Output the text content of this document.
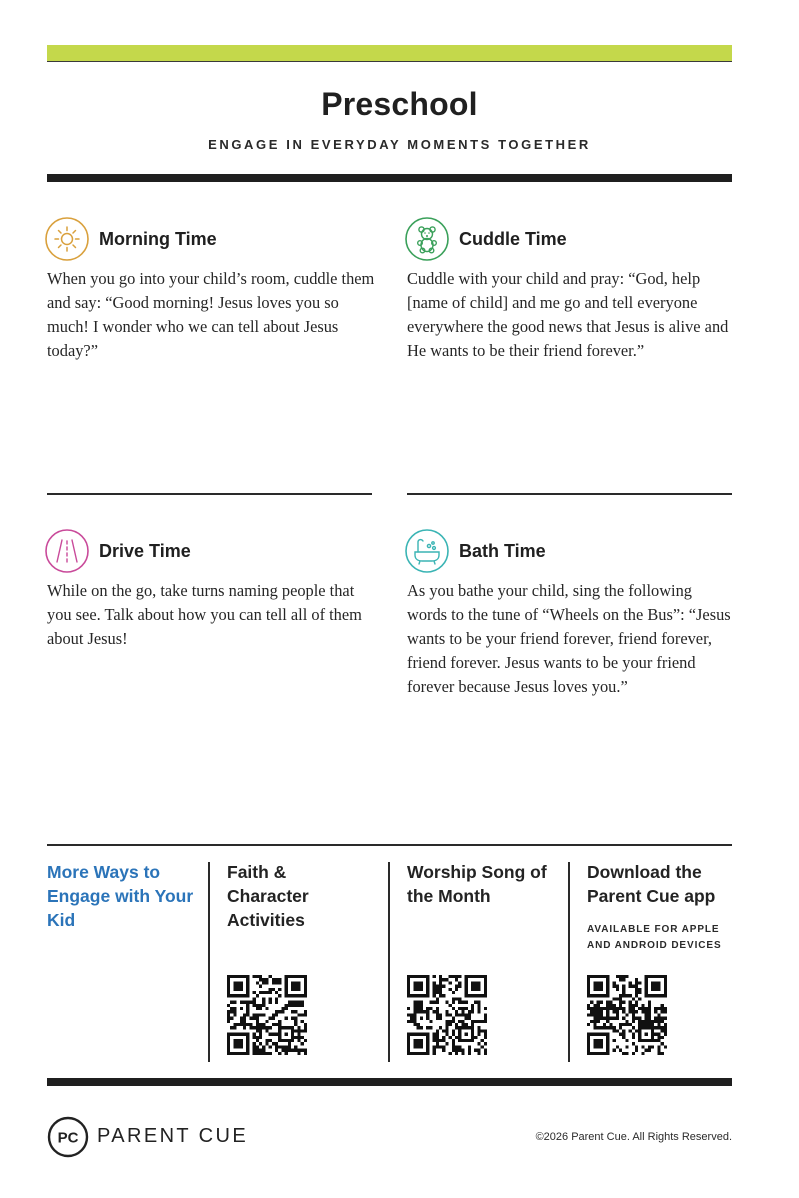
Preschool
ENGAGE IN EVERYDAY MOMENTS TOGETHER
Morning Time
When you go into your child’s room, cuddle them and say: “Good morning! Jesus loves you so much! I wonder who we can tell about Jesus today?”
Cuddle Time
Cuddle with your child and pray: “God, help [name of child] and me go and tell everyone everywhere the good news that Jesus is alive and He wants to be their friend forever.”
Drive Time
While on the go, take turns naming people that you see. Talk about how you can tell all of them about Jesus!
Bath Time
As you bathe your child, sing the following words to the tune of “Wheels on the Bus”: “Jesus wants to be your friend forever, friend forever, friend forever. Jesus wants to be your friend forever because Jesus loves you.”
More Ways to Engage with Your Kid
Faith & Character Activities
Worship Song of the Month
Download the Parent Cue app
AVAILABLE FOR APPLE AND ANDROID DEVICES
PC PARENT CUE	©2026 Parent Cue. All Rights Reserved.
